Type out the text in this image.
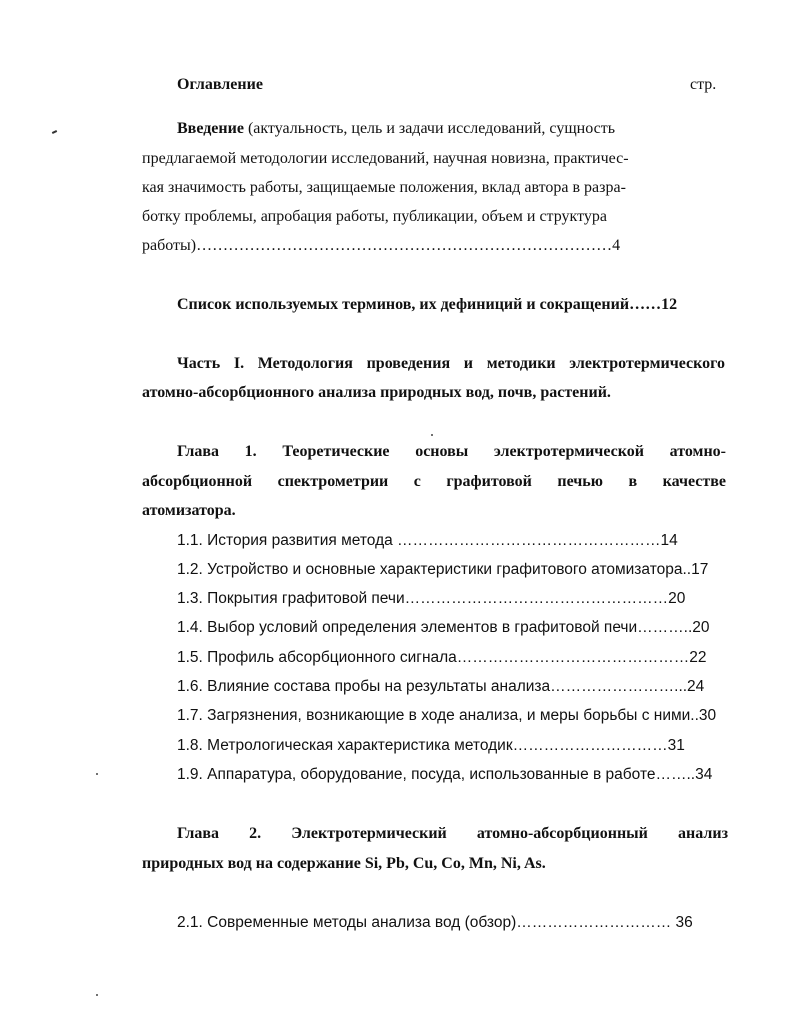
Оглавление	стр.
Введение (актуальность, цель и задачи исследований, сущность
предлагаемой методологии исследований, научная новизна, практичес-
кая значимость работы, защищаемые положения, вклад автора в разра-
ботку проблемы, апробация работы, публикации, объем и структура
работы)……………………………………………………………………4
Список используемых терминов, их дефиниций и сокращений……12
Часть I. Методология проведения и методики электротермического
атомно-абсорбционного анализа природных вод, почв, растений.
Глава 1. Теоретические основы электротермической атомно-
абсорбционной спектрометрии с графитовой печью в качестве
атомизатора.
1.1. История развития метода ……………………………………………14
1.2. Устройство и основные характеристики графитового атомизатора..17
1.3. Покрытия графитовой печи……………………………………………20
1.4. Выбор условий определения элементов в графитовой печи………..20
1.5. Профиль абсорбционного сигнала………………………………………22
1.6. Влияние состава пробы на результаты анализа……………………...24
1.7. Загрязнения, возникающие в ходе анализа, и меры борьбы с ними..30
1.8. Метрологическая характеристика методик…………………………31
1.9. Аппаратура, оборудование, посуда, использованные в работе……..34
Глава 2. Электротермический атомно-абсорбционный анализ
природных вод на содержание Si, Pb, Cu, Co, Mn, Ni, As.
2.1. Современные методы анализа вод (обзор)………………………… 36
